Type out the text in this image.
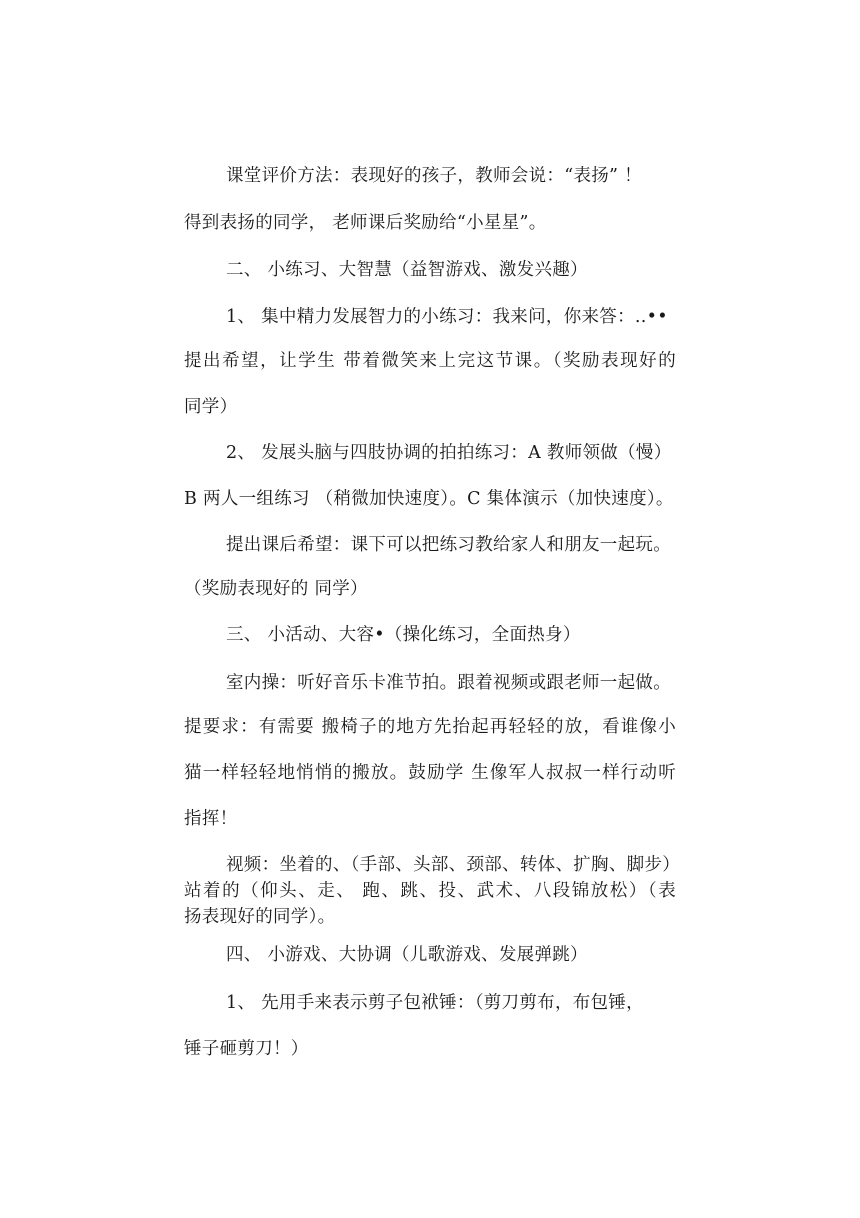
课堂评价方法：表现好的孩子，教师会说：“表扬” ！
得到表扬的同学， 老师课后奖励给“小星星”。
二、 小练习、大智慧（益智游戏、激发兴趣）
1、 集中精力发展智力的小练习：我来问，你来答：..••
提出希望，让学生 带着微笑来上完这节课。（奖励表现好的
同学）
2、 发展头脑与四肢协调的拍拍练习：A 教师领做（慢）
B 两人一组练习 （稍微加快速度）。C 集体演示（加快速度）。
提出课后希望：课下可以把练习教给家人和朋友一起玩。
（奖励表现好的 同学）
三、 小活动、大容•（操化练习，全面热身）
室内操：听好音乐卡准节拍。跟着视频或跟老师一起做。
提要求：有需要 搬椅子的地方先抬起再轻轻的放，看谁像小
猫一样轻轻地悄悄的搬放。鼓励学 生像军人叔叔一样行动听
指挥！
视频：坐着的、（手部、头部、颈部、转体、扩胸、脚步）
站着的（仰头、走、 跑、跳、投、武术、八段锦放松）（表
扬表现好的同学）。
四、 小游戏、大协调（儿歌游戏、发展弹跳）
1、 先用手来表示剪子包袱锤：（剪刀剪布，布包锤，
锤子砸剪刀！）
